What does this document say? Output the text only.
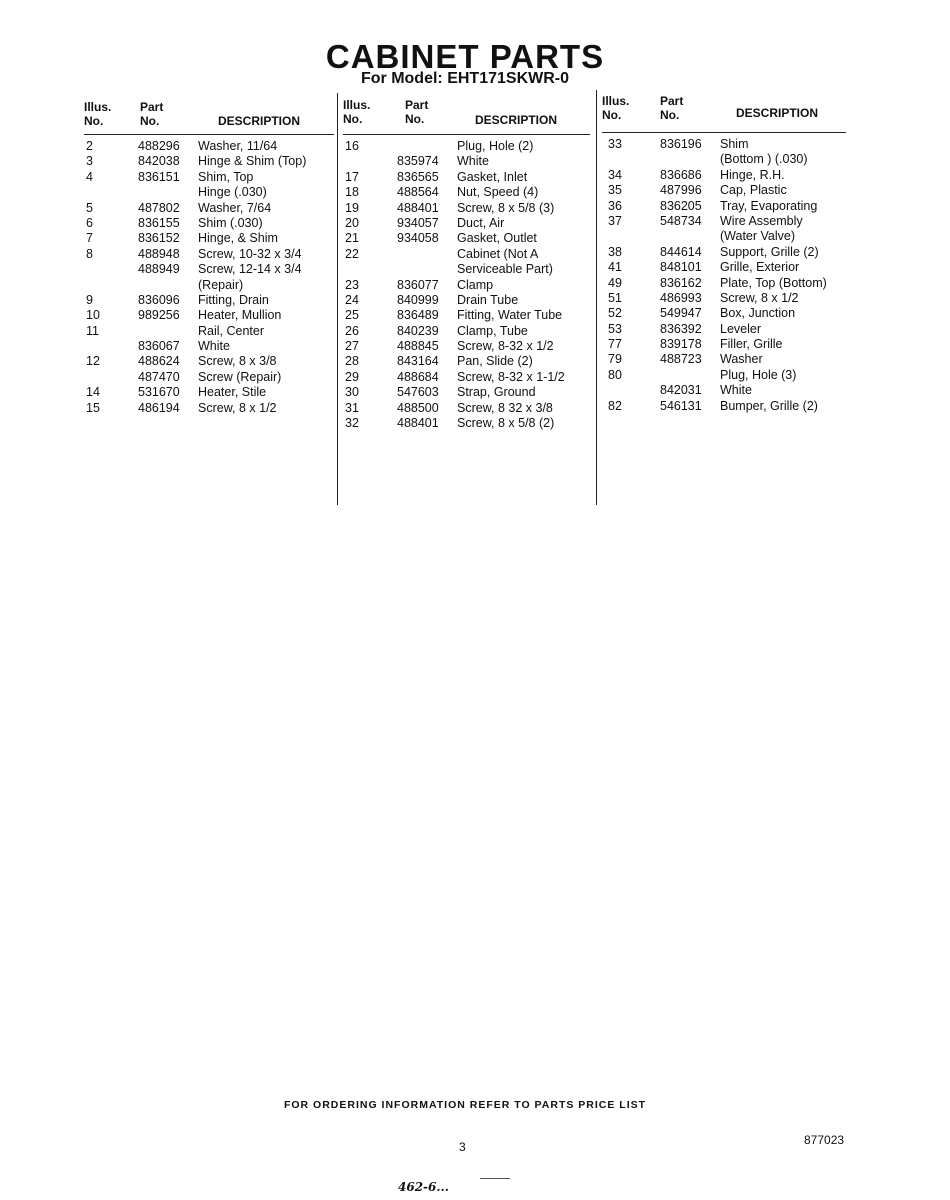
CABINET PARTS
For Model: EHT171SKWR-0
Illus.
No.
Part
No.	DESCRIPTION
2	488296 Washer, 11/64
3	842038 Hinge & Shim (Top)
4	836151 Shim, Top
Hinge (.030)
5	487802 Washer, 7/64
6	836155 Shim (.030)
7	836152 Hinge, & Shim
8	488948 Screw, 10-32 x 3/4
488949 Screw, 12-14 x 3/4
(Repair)
9	836096 Fitting, Drain
10	989256 Heater, Mullion
11	Rail, Center
836067 White
12	488624 Screw, 8 x 3/8
487470 Screw (Repair)
14	531670 Heater, Stile
15	486194 Screw, 8 x 1/2
Illus.
No.
Part
No.	DESCRIPTION
16	Plug, Hole (2)
835974 White
17	836565 Gasket, Inlet
18	488564 Nut, Speed (4)
19	488401 Screw, 8 x 5/8 (3)
20	934057 Duct, Air
21	934058 Gasket, Outlet
22	Cabinet (Not A
Serviceable Part)
23	836077 Clamp
24	840999 Drain Tube
25	836489 Fitting, Water Tube
26	840239 Clamp, Tube
27	488845 Screw, 8-32 x 1/2
28	843164 Pan, Slide (2)
29	488684 Screw, 8-32 x 1-1/2
30	547603 Strap, Ground
31	488500 Screw, 8 32 x 3/8
32	488401 Screw, 8 x 5/8 (2)
Illus.
No.
Part
No.	DESCRIPTION
33	836196 Shim
(Bottom ) (.030)
34	836686 Hinge, R.H.
35	487996 Cap, Plastic
36	836205 Tray, Evaporating
37	548734 Wire Assembly
(Water Valve)
38	844614 Support, Grille (2)
41	848101 Grille, Exterior
49	836162 Plate, Top (Bottom)
51	486993 Screw, 8 x 1/2
52	549947 Box, Junction
53	836392 Leveler
77	839178 Filler, Grille
79	488723 Washer
80	Plug, Hole (3)
842031 White
82	546131 Bumper, Grille (2)
FOR ORDERING INFORMATION REFER TO PARTS PRICE LIST
3	877023
462-6...
